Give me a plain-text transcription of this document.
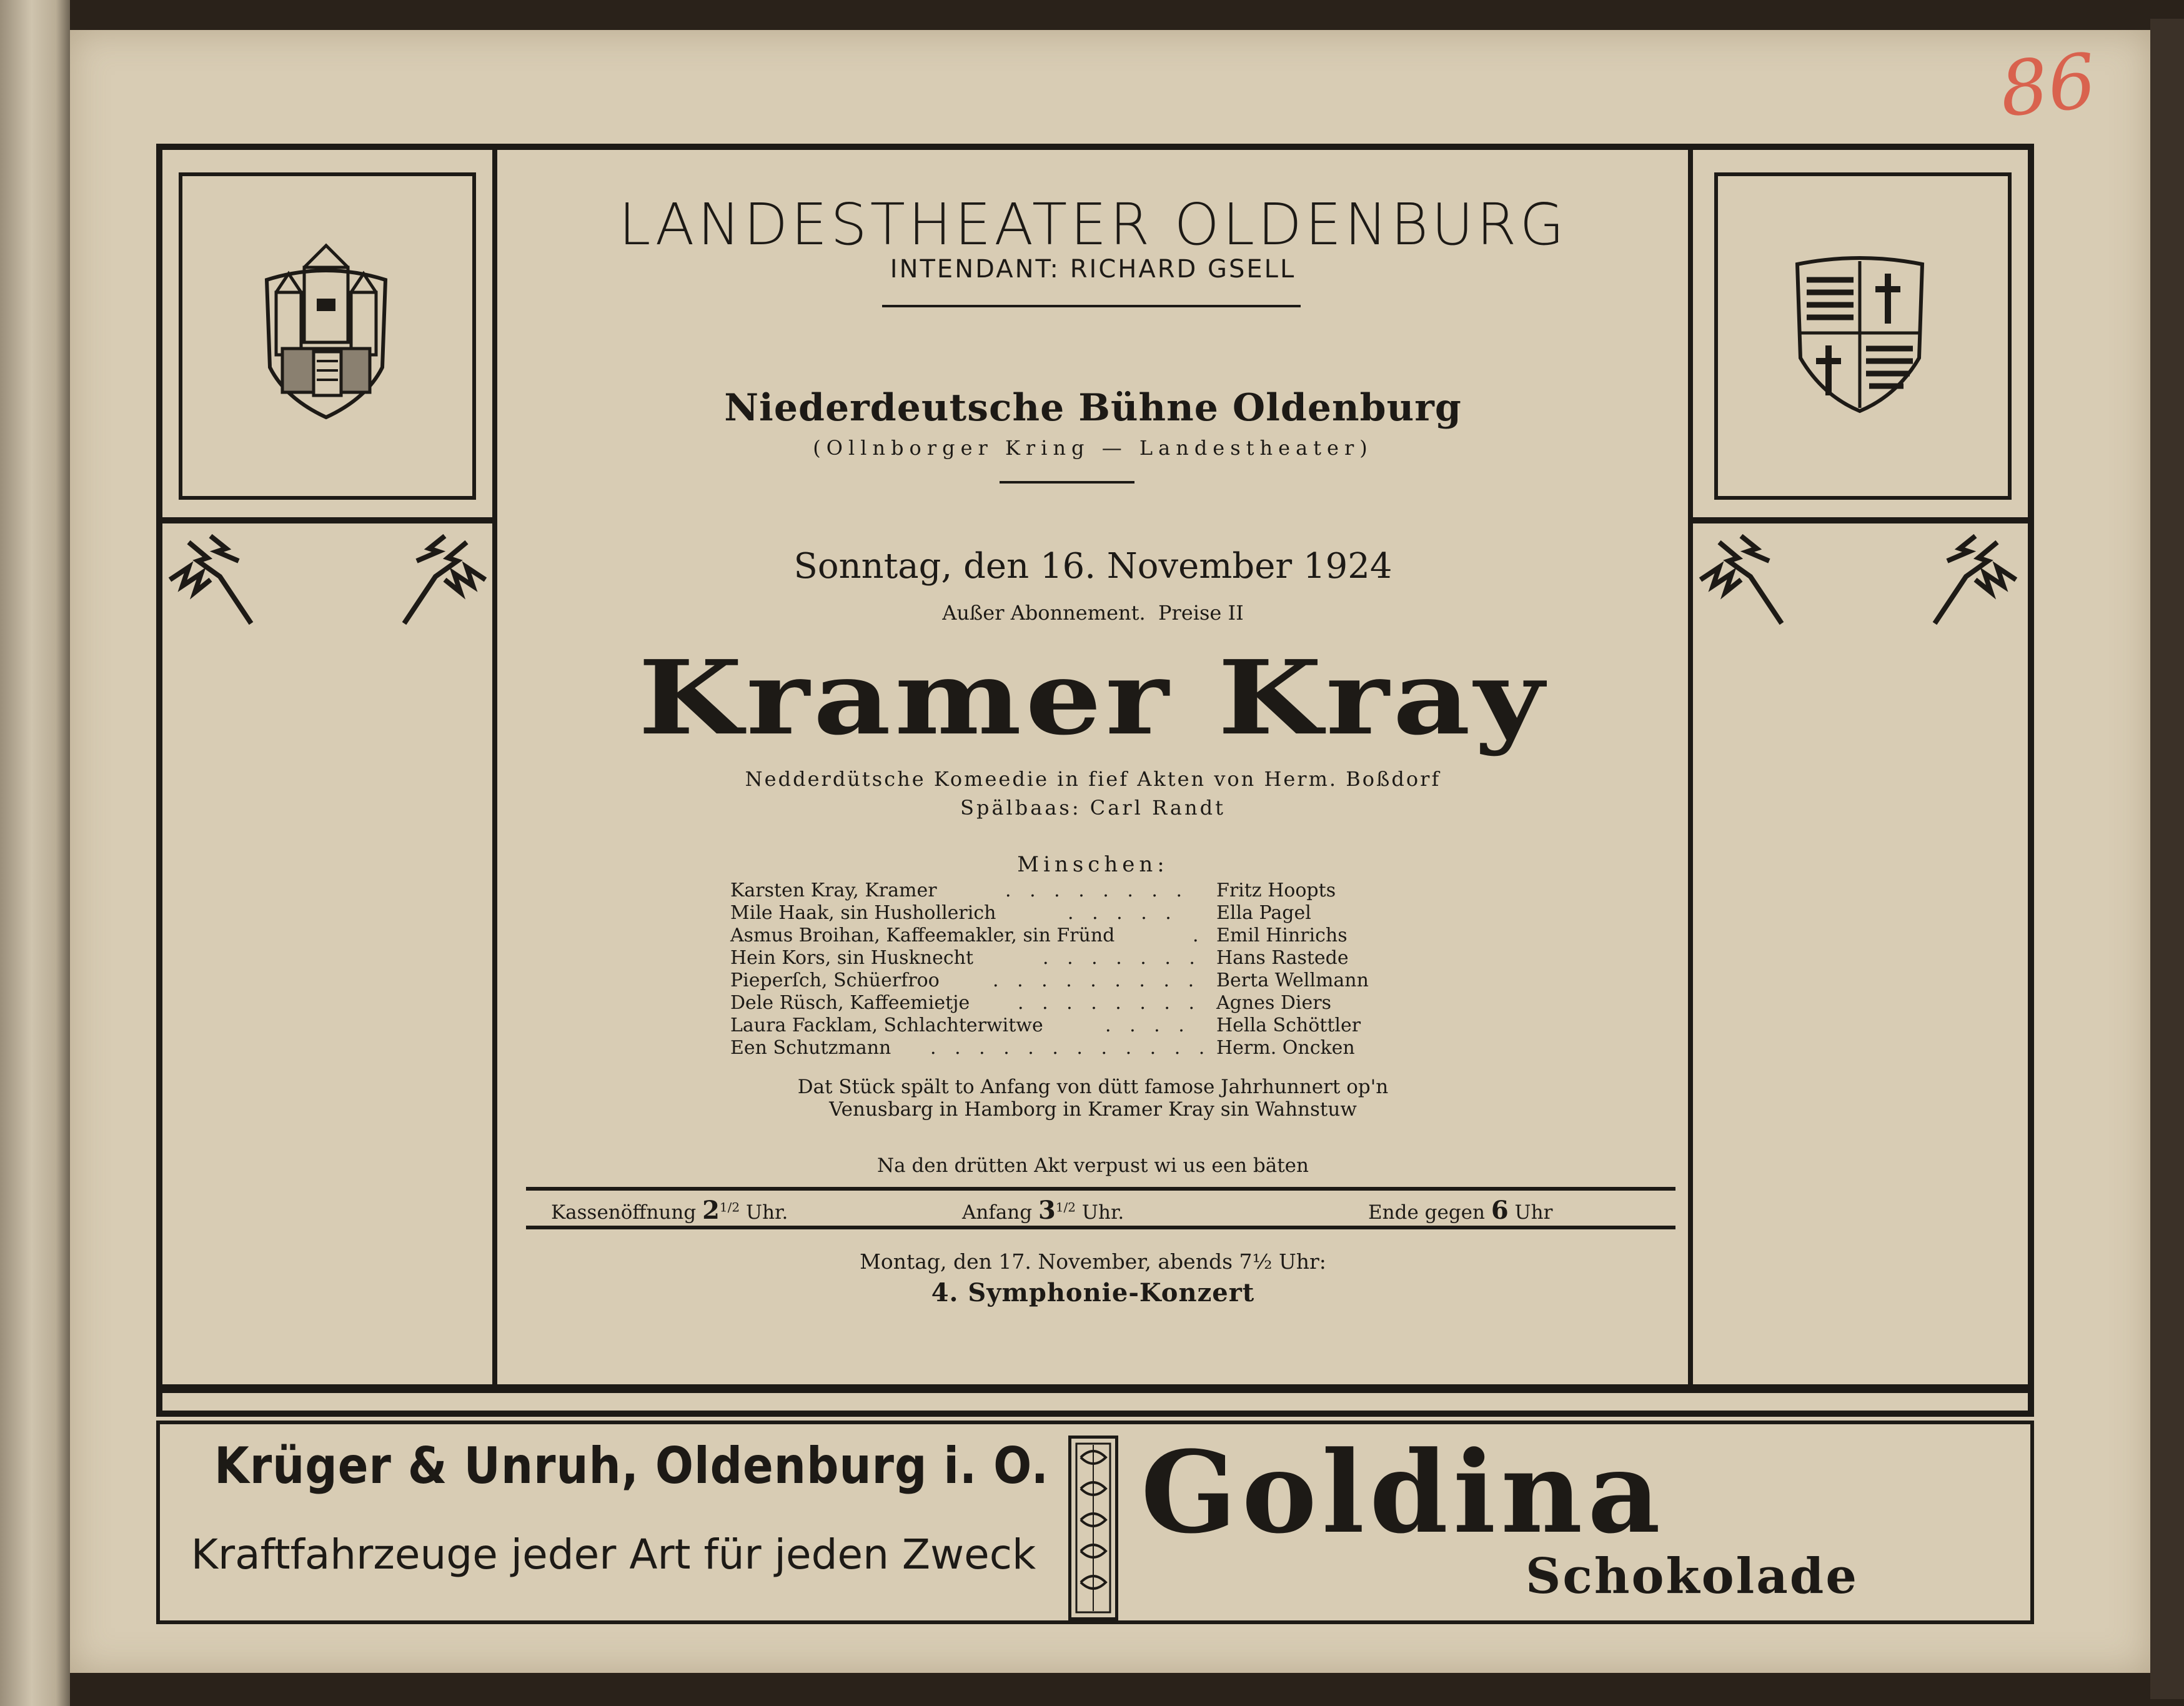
86
LANDESTHEATER OLDENBURG
INTENDANT: RICHARD GSELL
Niederdeutsche Bühne Oldenburg
(Ollnborger Kring — Landestheater)
Sonntag, den 16. November 1924
Außer Abonnement.  Preise II
Kramer Kray
Nedderdütsche Komeedie in fief Akten von Herm. Boßdorf
Spälbaas: Carl Randt
Minschen:
Karsten Kray, Kramer	. . . . . . . . Fritz Hoopts
Mile Haak, sin Hushollerich	. . . . . Ella Pagel
Asmus Broihan, Kaffeemakler, sin Fründ	. Emil Hinrichs
Hein Kors, sin Husknecht	. . . . . . . Hans Rastede
Pieperſch, Schüerfroo	. . . . . . . . . Berta Wellmann
Dele Rüsch, Kaffeemietje	. . . . . . . . Agnes Diers
Laura Facklam, Schlachterwitwe	. . . . Hella Schöttler
Een Schutzmann . . . . . . . . . . . . Herm. Oncken
Dat Stück spält to Anfang von dütt famose Jahrhunnert op'n
Venusbarg in Hamborg in Kramer Kray sin Wahnstuw
Na den drütten Akt verpust wi us een bäten
Kassenöffnung $2^{1/2}$ Uhr.	Anfang $3^{1/2}$ Uhr.	Ende gegen 6 Uhr
Montag, den 17. November, abends 7½ Uhr:
4. Symphonie-Konzert
Krüger & Unruh, Oldenburg i. O.
Kraftfahrzeuge jeder Art für jeden Zweck Goldina
Schokolade
